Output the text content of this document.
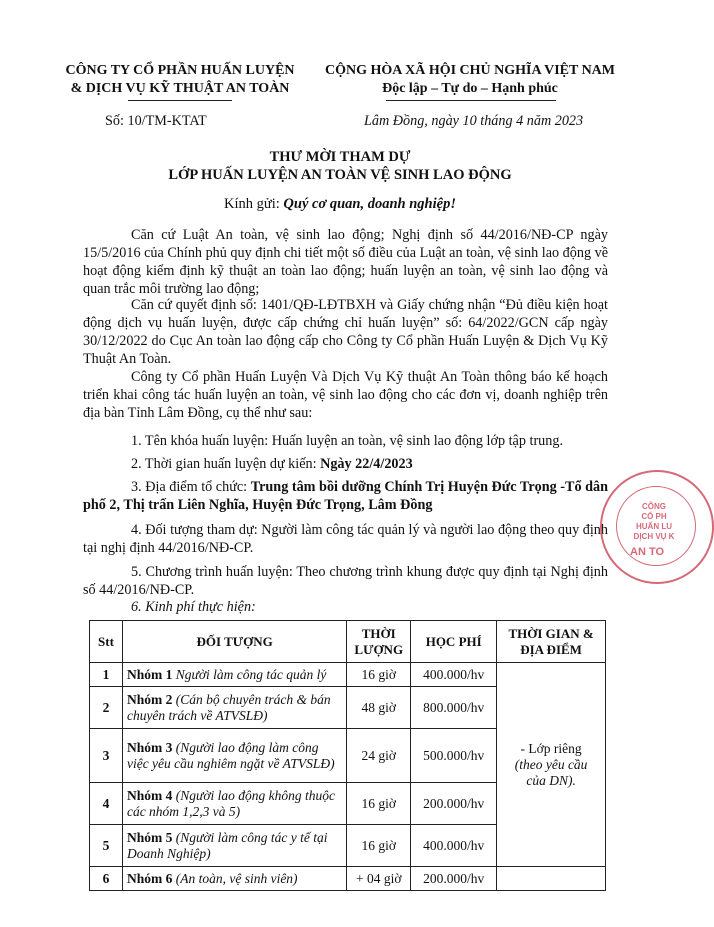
CÔNG TY CỔ PHẦN HUẤN LUYỆN
& DỊCH VỤ KỸ THUẬT AN TOÀN
CỘNG HÒA XÃ HỘI CHỦ NGHĨA VIỆT NAM
Độc lập – Tự do – Hạnh phúc
Số: 10/TM-KTAT	Lâm Đồng, ngày 10 tháng 4 năm 2023
THƯ MỜI THAM DỰ
LỚP HUẤN LUYỆN AN TOÀN VỆ SINH LAO ĐỘNG
Kính gửi: Quý cơ quan, doanh nghiệp!

Căn cứ Luật An toàn, vệ sinh lao động; Nghị định số 44/2016/NĐ-CP ngày 15/5/2016 của Chính phủ quy định chi tiết một số điều của Luật an toàn, vệ sinh lao động về hoạt động kiểm định kỹ thuật an toàn lao động; huấn luyện an toàn, vệ sinh lao động và quan trắc môi trường lao động;

Căn cứ quyết định số: 1401/QĐ-LĐTBXH và Giấy chứng nhận “Đủ điều kiện hoạt động dịch vụ huấn luyện, được cấp chứng chỉ huấn luyện” số: 64/2022/GCN cấp ngày 30/12/2022 do Cục An toàn lao động cấp cho Công ty Cổ phần Huấn Luyện & Dịch Vụ Kỹ Thuật An Toàn.

Công ty Cổ phần Huấn Luyện Và Dịch Vụ Kỹ thuật An Toàn thông báo kế hoạch triển khai công tác huấn luyện an toàn, vệ sinh lao động cho các đơn vị, doanh nghiệp trên địa bàn Tỉnh Lâm Đồng, cụ thể như sau:

1. Tên khóa huấn luyện: Huấn luyện an toàn, vệ sinh lao động lớp tập trung.

2. Thời gian huấn luyện dự kiến: Ngày 22/4/2023

3. Địa điểm tổ chức: Trung tâm bồi dưỡng Chính Trị Huyện Đức Trọng -Tổ dân phố 2, Thị trấn Liên Nghĩa, Huyện Đức Trọng, Lâm Đồng

4. Đối tượng tham dự: Người làm công tác quản lý và người lao động theo quy định tại nghị định 44/2016/NĐ-CP.

5. Chương trình huấn luyện: Theo chương trình khung được quy định tại Nghị định số 44/2016/NĐ-CP.

6. Kinh phí thực hiện:

Stt	ĐỐI TƯỢNG	THỜI LƯỢNG	HỌC PHÍ	THỜI GIAN & ĐỊA ĐIỂM
1	Nhóm 1 Người làm công tác quản lý	16 giờ	400.000/hv	- Lớp riêng
(theo yêu cầu của DN).

2	Nhóm 2 (Cán bộ chuyên trách & bán chuyên trách về ATVSLĐ)	48 giờ	800.000/hv	
3	Nhóm 3 (Người lao động làm công việc yêu cầu nghiêm ngặt về ATVSLĐ)	24 giờ	500.000/hv	
4	Nhóm 4 (Người lao động không thuộc các nhóm 1,2,3 và 5)	16 giờ	200.000/hv	
5	Nhóm 5 (Người làm công tác y tế tại Doanh Nghiệp)	16 giờ	400.000/hv	
6	Nhóm 6 (An toàn, vệ sinh viên)	+ 04 giờ	200.000/hv	
CÔNG
CỔ PH
HUẤN LU
DỊCH VỤ K
AN TO
